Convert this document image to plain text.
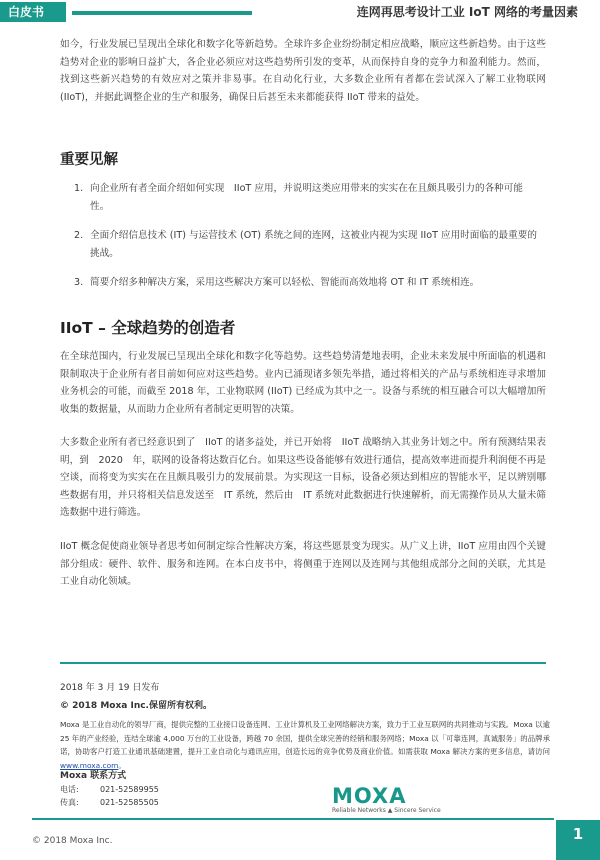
白皮书	连网再思考设计工业 IoT 网络的考量因素

如今，行业发展已呈现出全球化和数字化等新趋势。全球许多企业纷纷制定相应战略，顺应这些新趋势。由于这些趋势对企业的影响日益扩大，各企业必须应对这些趋势所引发的变革，从而保持自身的竞争力和盈利能力。然而，找到这些新兴趋势的有效应对之策并非易事。在自动化行业，大多数企业所有者都在尝试深入了解工业物联网 (IIoT)，并据此调整企业的生产和服务，确保日后甚至未来都能获得 IIoT 带来的益处。

重要见解
1. 向企业所有者全面介绍如何实现　IIoT 应用，并说明这类应用带来的实实在在且颇具吸引力的各种可能性。
2. 全面介绍信息技术 (IT) 与运营技术 (OT) 系统之间的连网，这被业内视为实现 IIoT 应用时面临的最重要的挑战。
3. 简要介绍多种解决方案，采用这些解决方案可以轻松、智能而高效地将 OT 和 IT 系统相连。
IIoT – 全球趋势的创造者

在全球范围内，行业发展已呈现出全球化和数字化等趋势。这些趋势清楚地表明，企业未来发展中所面临的机遇和限制取决于企业所有者目前如何应对这些趋势。业内已涌现诸多领先举措，通过将相关的产品与系统相连寻求增加业务机会的可能，而截至 2018 年，工业物联网 (IIoT) 已经成为其中之一。设备与系统的相互融合可以大幅增加所收集的数据量，从而助力企业所有者制定更明智的决策。

大多数企业所有者已经意识到了　IIoT 的诸多益处，并已开始将　IIoT 战略纳入其业务计划之中。所有预测结果表明，到　2020　年，联网的设备将达数百亿台。如果这些设备能够有效进行通信，提高效率进而提升利润便不再是空谈，而将变为实实在在且颇具吸引力的发展前景。为实现这一目标，设备必须达到相应的智能水平，足以辨别哪些数据有用，并只将相关信息发送至　IT 系统，然后由　IT 系统对此数据进行快速解析，而无需操作员从大量未筛选数据中进行筛选。

IIoT 概念促使商业领导者思考如何制定综合性解决方案，将这些愿景变为现实。从广义上讲，IIoT 应用由四个关键部分组成：硬件、软件、服务和连网。在本白皮书中，将侧重于连网以及连网与其他组成部分之间的关联，尤其是工业自动化领域。

2018 年 3 月 19 日发布
© 2018 Moxa Inc.保留所有权利。
Moxa 是工业自动化的领导厂商，提供完整的工业接口设备连网、工业计算机及工业网络解决方案，致力于工业互联网的共同推动与实践。Moxa 以逾 25 年的产业经验，连结全球逾 4,000 万台的工业设备，跨越 70 余国，提供全球完善的经销和服务网络；Moxa 以「可靠连网，真诚服务」的品牌承诺，协助客户打造工业通讯基础建置，提升工业自动化与通讯应用，创造长远的竞争优势及商业价值。如需获取 Moxa 解决方案的更多信息，请访问www.moxa.com。
Moxa 联系方式
电话:	021-52589955
传真:	021-52585505	MOXA
Reliable Networks ▲ Sincere Service
© 2018 Moxa Inc.	1
